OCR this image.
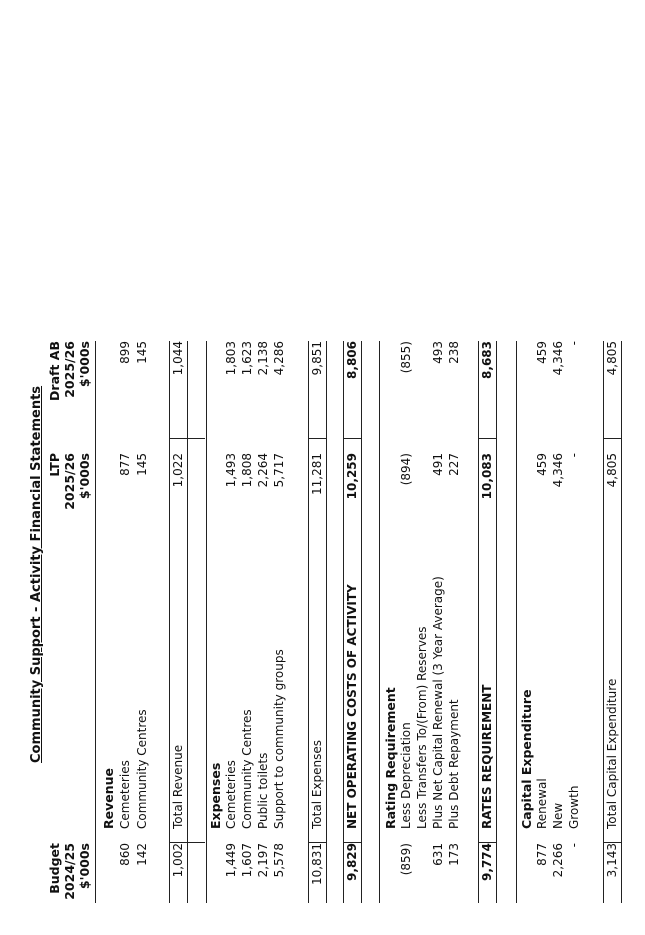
Community Support - Activity Financial Statements
Budget 2024/25 $'000s
LTP 2025/26 $'000s
Draft AB 2025/26 $'000s
Revenue
860
Cemeteries
877
899
142
Community Centres
145
145
1,002
Total Revenue
1,022
1,044
Expenses
1,449
Cemeteries
1,493
1,803
1,607
Community Centres
1,808
1,623
2,197
Public toilets
2,264
2,138
5,578
Support to community groups
5,717
4,286
10,831
Total Expenses
11,281
9,851
9,829
NET OPERATING COSTS OF ACTIVITY
10,259
8,806
Rating Requirement
(859)
Less Depreciation
(894)
(855)
Less Transfers To/(From) Reserves
631
Plus Net Capital Renewal (3 Year Average)
491
493
173
Plus Debt Repayment
227
238
9,774
RATES REQUIREMENT
10,083
8,683
Capital Expenditure
877
Renewal
459
459
2,266
New
4,346
4,346
-
Growth
-
-
3,143
Total Capital Expenditure
4,805
4,805
